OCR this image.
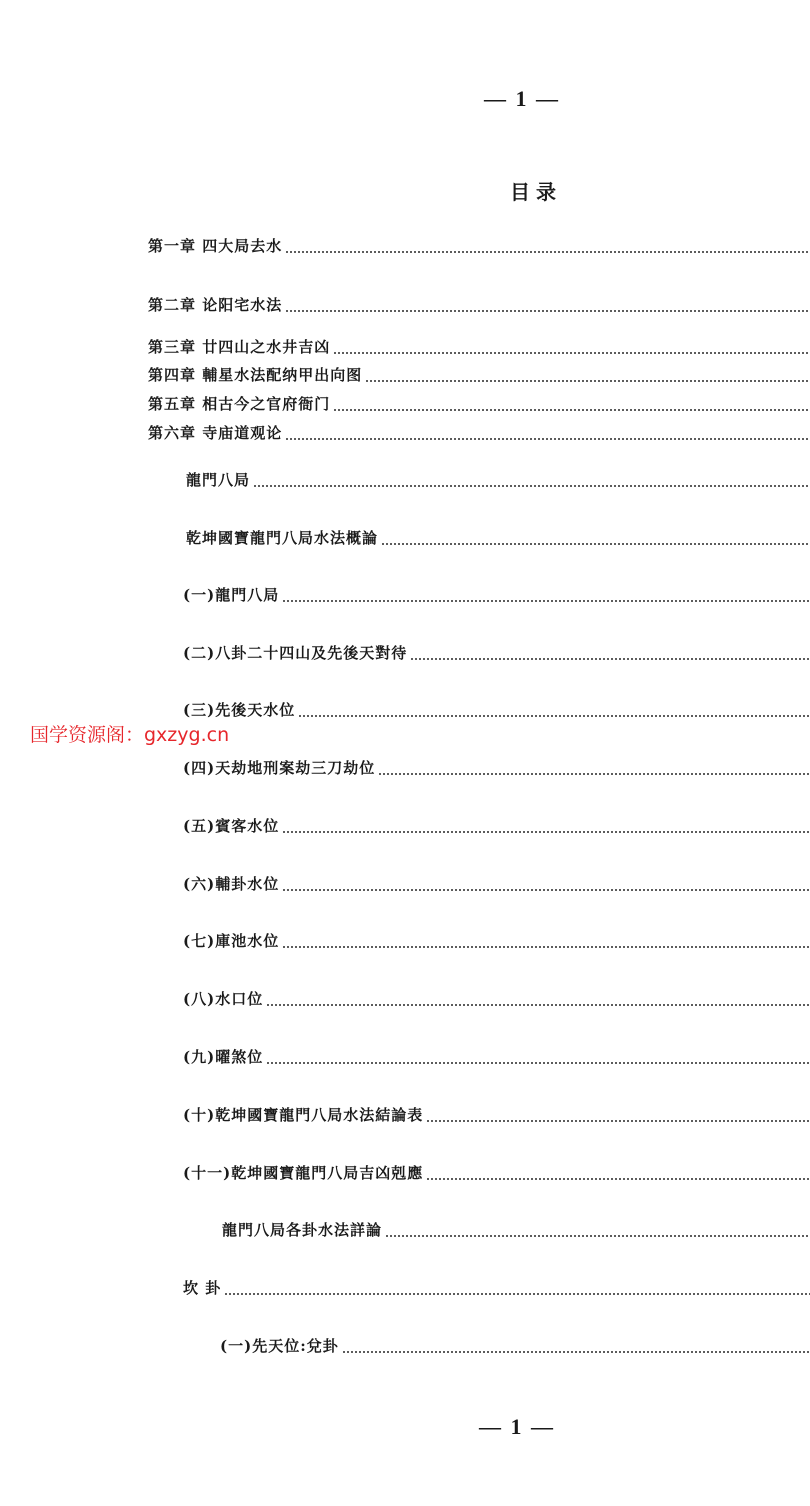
— 1 —
目录
第一章 四大局去水
第二章 论阳宅水法
第三章 廿四山之水井吉凶
第四章 輔星水法配纳甲出向图
第五章 相古今之官府衙门
第六章 寺庙道观论
龍門八局
乾坤國寶龍門八局水法概論
(一)龍門八局
(二)八卦二十四山及先後天對待
(三)先後天水位
(四)天劫地刑案劫三刀劫位
(五)賓客水位
(六)輔卦水位
(七)庫池水位
(八)水口位
(九)曜煞位
(十)乾坤國寶龍門八局水法結論表
(十一)乾坤國寶龍門八局吉凶剋應
龍門八局各卦水法詳論
坎 卦
(一)先天位:兌卦
国学资源阁：gxzyg.cn
— 1 —
